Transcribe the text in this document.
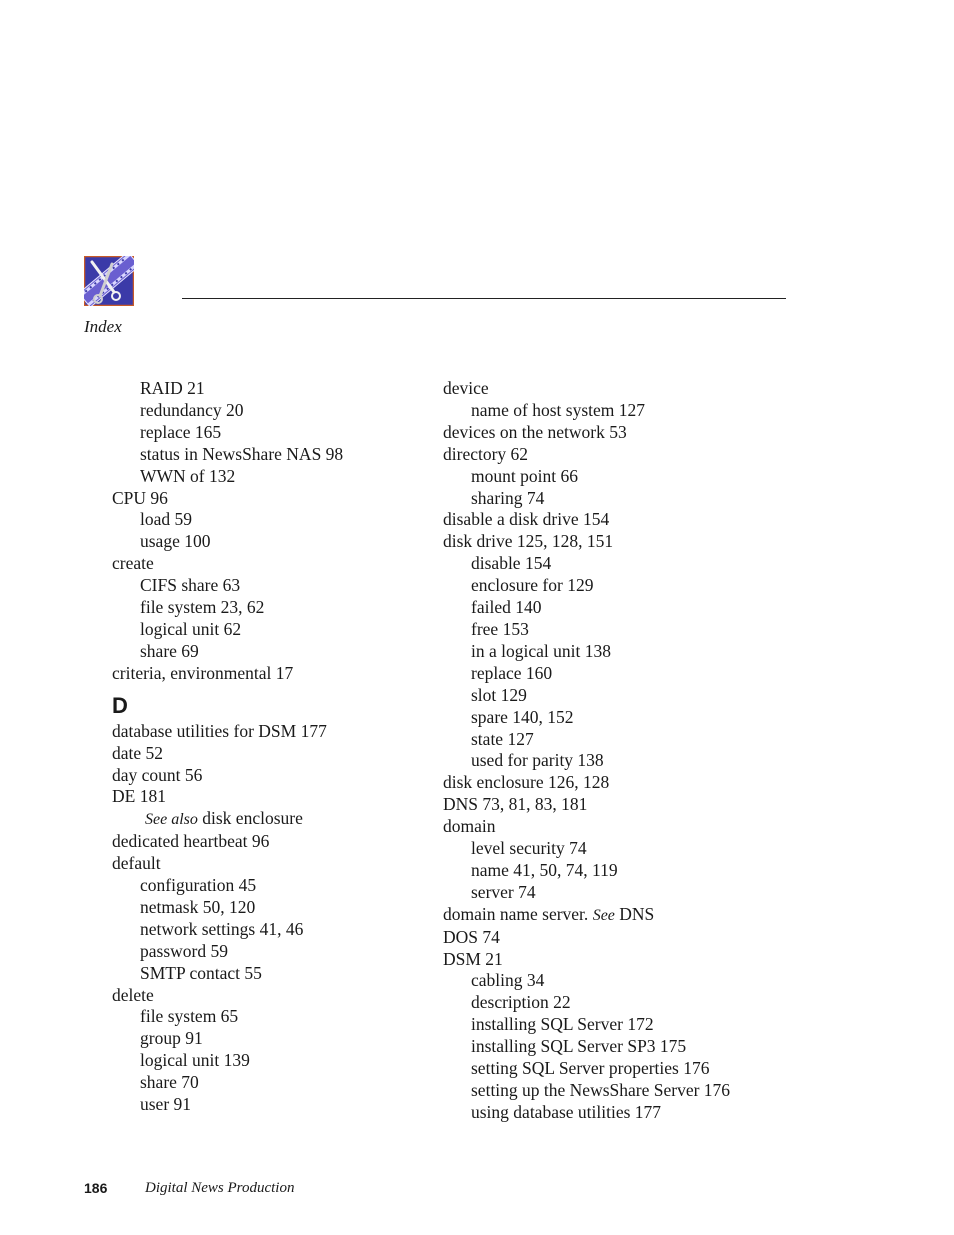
Index
RAID 21
redundancy 20
replace 165
status in NewsShare NAS 98
WWN of 132
CPU 96
load 59
usage 100
create
CIFS share 63
file system 23, 62
logical unit 62
share 69
criteria, environmental 17
D
database utilities for DSM 177
date 52
day count 56
DE 181
See also disk enclosure
dedicated heartbeat 96
default
configuration 45
netmask 50, 120
network settings 41, 46
password 59
SMTP contact 55
delete
file system 65
group 91
logical unit 139
share 70
user 91
device
name of host system 127
devices on the network 53
directory 62
mount point 66
sharing 74
disable a disk drive 154
disk drive 125, 128, 151
disable 154
enclosure for 129
failed 140
free 153
in a logical unit 138
replace 160
slot 129
spare 140, 152
state 127
used for parity 138
disk enclosure 126, 128
DNS 73, 81, 83, 181
domain
level security 74
name 41, 50, 74, 119
server 74
domain name server. See DNS
DOS 74
DSM 21
cabling 34
description 22
installing SQL Server 172
installing SQL Server SP3 175
setting SQL Server properties 176
setting up the NewsShare Server 176
using database utilities 177
186	Digital News Production
